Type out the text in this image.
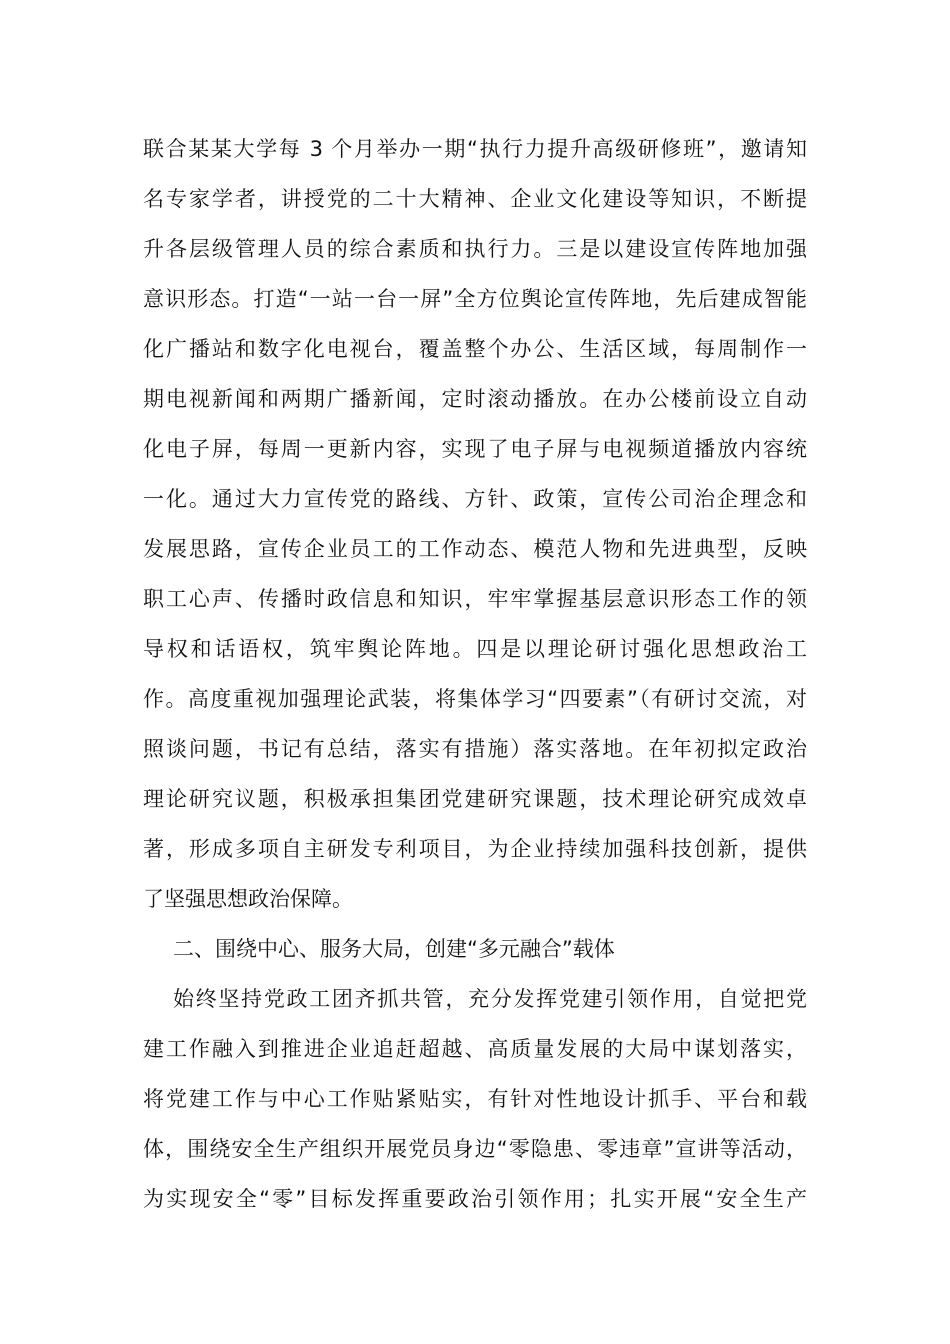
联合某某大学每 3 个月举办一期“执行力提升高级研修班”，邀请知
名专家学者，讲授党的二十大精神、企业文化建设等知识，不断提
升各层级管理人员的综合素质和执行力。三是以建设宣传阵地加强
意识形态。打造“一站一台一屏”全方位舆论宣传阵地，先后建成智能
化广播站和数字化电视台，覆盖整个办公、生活区域，每周制作一
期电视新闻和两期广播新闻，定时滚动播放。在办公楼前设立自动
化电子屏，每周一更新内容，实现了电子屏与电视频道播放内容统
一化。通过大力宣传党的路线、方针、政策，宣传公司治企理念和
发展思路，宣传企业员工的工作动态、模范人物和先进典型，反映
职工心声、传播时政信息和知识，牢牢掌握基层意识形态工作的领
导权和话语权，筑牢舆论阵地。四是以理论研讨强化思想政治工
作。高度重视加强理论武装，将集体学习“四要素”（有研讨交流，对
照谈问题，书记有总结，落实有措施）落实落地。在年初拟定政治
理论研究议题，积极承担集团党建研究课题，技术理论研究成效卓
著，形成多项自主研发专利项目，为企业持续加强科技创新，提供
了坚强思想政治保障。
二、围绕中心、服务大局，创建“多元融合”载体
始终坚持党政工团齐抓共管，充分发挥党建引领作用，自觉把党
建工作融入到推进企业追赶超越、高质量发展的大局中谋划落实，
将党建工作与中心工作贴紧贴实，有针对性地设计抓手、平台和载
体，围绕安全生产组织开展党员身边“零隐患、零违章”宣讲等活动，
为实现安全“零”目标发挥重要政治引领作用；扎实开展“安全生产
